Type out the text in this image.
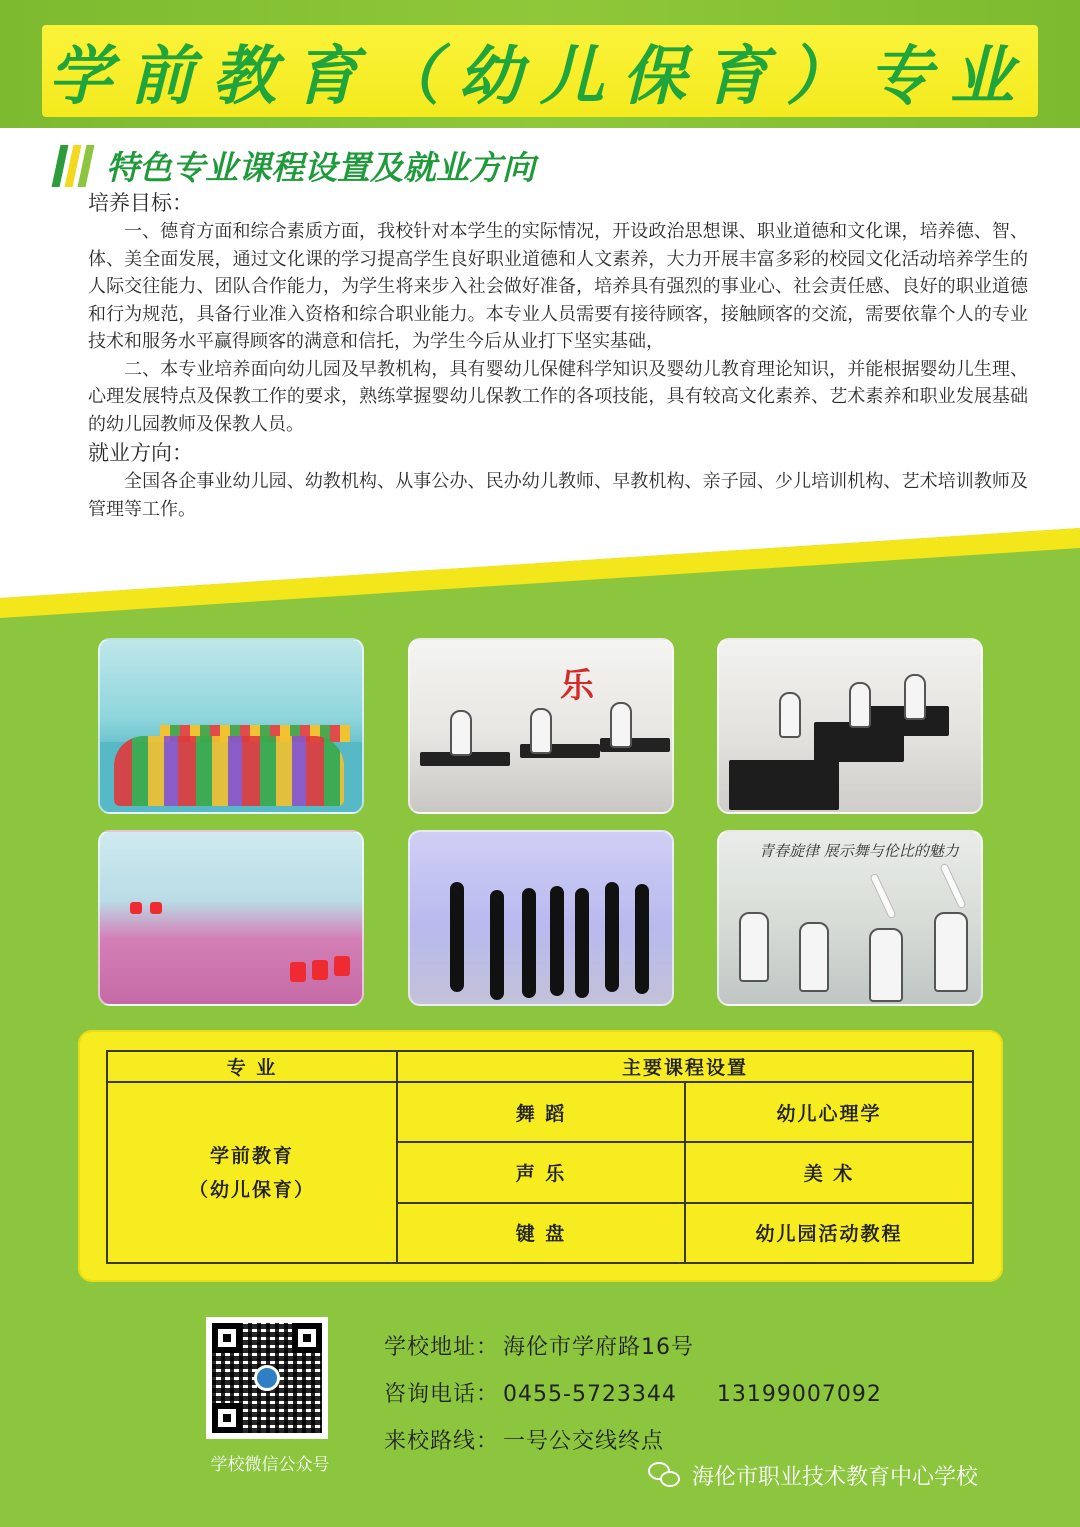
学前教育（幼儿保育）专业
特色专业课程设置及就业方向
培养目标：

一、德育方面和综合素质方面，我校针对本学生的实际情况，开设政治思想课、职业道德和文化课，培养德、智、体、美全面发展，通过文化课的学习提高学生良好职业道德和人文素养，大力开展丰富多彩的校园文化活动培养学生的人际交往能力、团队合作能力，为学生将来步入社会做好准备，培养具有强烈的事业心、社会责任感、良好的职业道德和行为规范，具备行业准入资格和综合职业能力。本专业人员需要有接待顾客，接触顾客的交流，需要依靠个人的专业技术和服务水平赢得顾客的满意和信托，为学生今后从业打下坚实基础，

二、本专业培养面向幼儿园及早教机构，具有婴幼儿保健科学知识及婴幼儿教育理论知识，并能根据婴幼儿生理、心理发展特点及保教工作的要求，熟练掌握婴幼儿保教工作的各项技能，具有较高文化素养、艺术素养和职业发展基础的幼儿园教师及保教人员。

就业方向：

全国各企事业幼儿园、幼教机构、从事公办、民办幼儿教师、早教机构、亲子园、少儿培训机构、艺术培训教师及管理等工作。

乐
青春旋律 展示舞与伦比的魅力
专 业	主要课程设置	

学前教育
（幼儿保育）	舞 蹈	幼儿心理学
	声 乐	美 术
	键 盘	幼儿园活动教程
学校微信公众号
学校地址： 海伦市学府路16号
咨询电话： 0455-5723344 13199007092
来校路线： 一号公交线终点
海伦市职业技术教育中心学校
